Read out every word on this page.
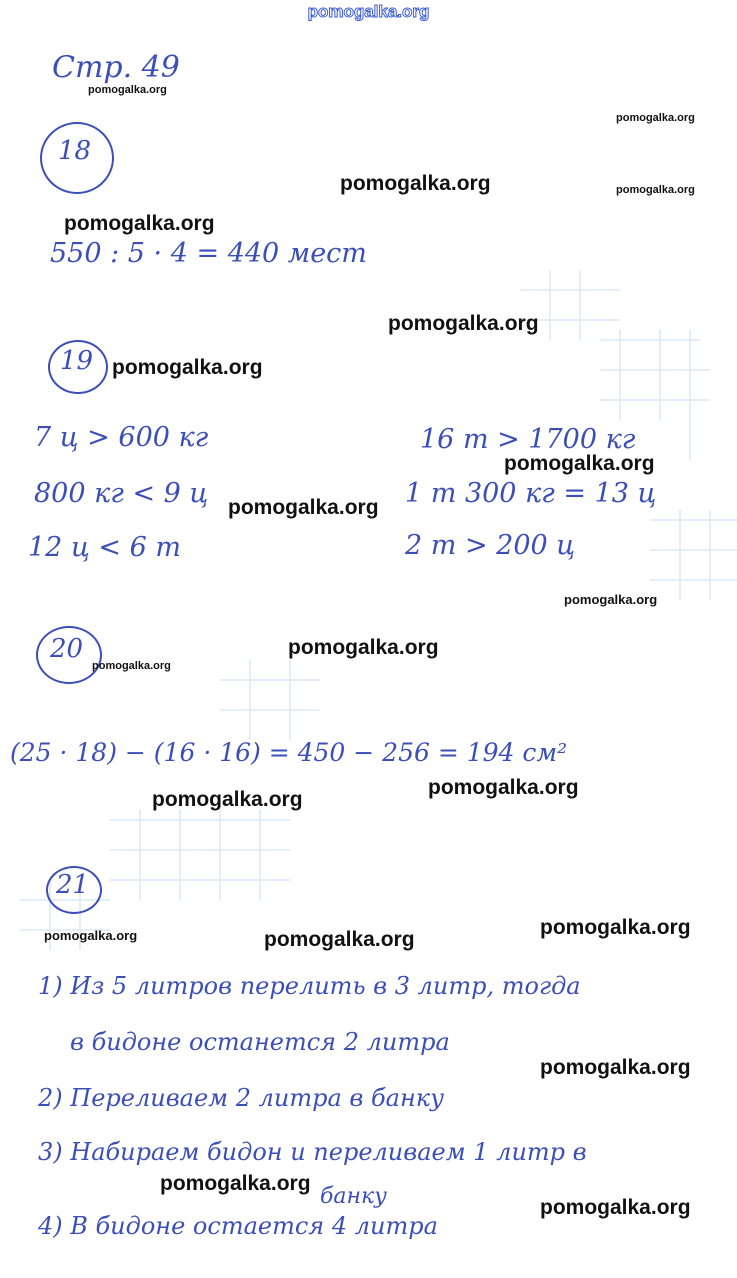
pomogalka.org
Стр. 49
18
550 : 5 · 4 = 440 мест
19
7 ц > 600 кг
800 кг < 9 ц
12 ц < 6 т
16 т > 1700 кг
1 т 300 кг = 13 ц
2 т > 200 ц
20
(25 · 18) − (16 · 16) = 450 − 256 = 194 см²
21
1) Из 5 литров перелить в 3 литр, тогда
в бидоне останется 2 литра
2) Переливаем 2 литра в банку
3) Набираем бидон и переливаем 1 литр в
банку
4) В бидоне остается 4 литра
pomogalka.org
pomogalka.org
pomogalka.org	pomogalka.org
pomogalka.org
pomogalka.org
pomogalka.org
pomogalka.org
pomogalka.org
pomogalka.org
pomogalka.org
pomogalka.org
pomogalka.org
pomogalka.org
pomogalka.org
pomogalka.org	pomogalka.org
pomogalka.org
pomogalka.org
pomogalka.org
